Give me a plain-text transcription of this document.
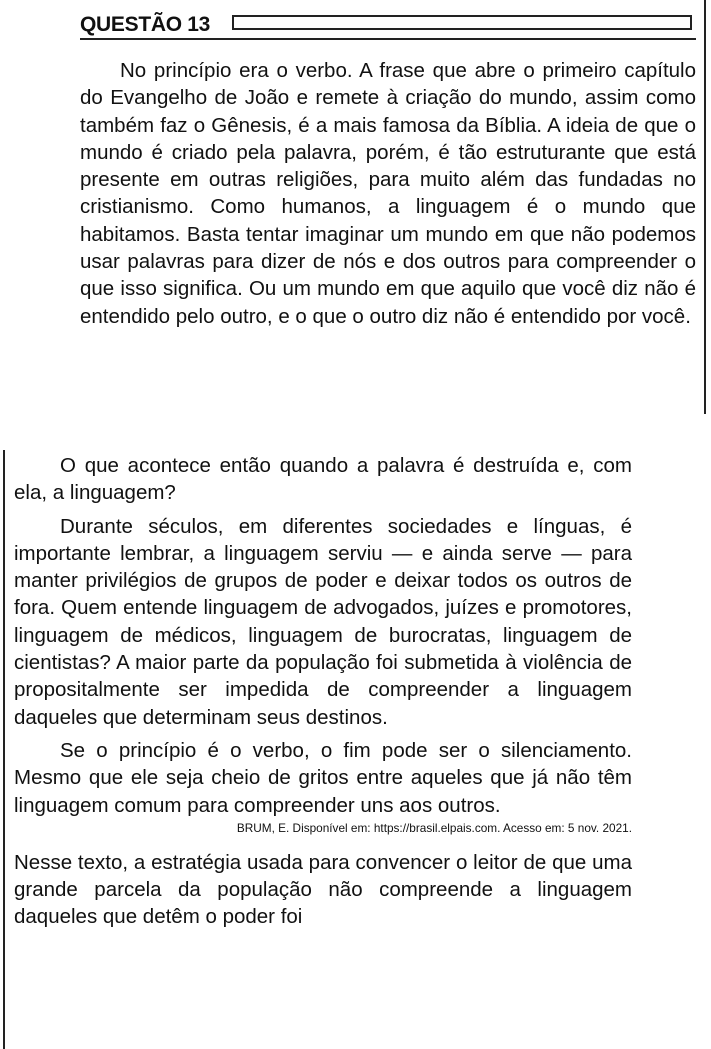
QUESTÃO 13

No princípio era o verbo. A frase que abre o primeiro capítulo do Evangelho de João e remete à criação do mundo, assim como também faz o Gênesis, é a mais famosa da Bíblia. A ideia de que o mundo é criado pela palavra, porém, é tão estruturante que está presente em outras religiões, para muito além das fundadas no cristianismo. Como humanos, a linguagem é o mundo que habitamos. Basta tentar imaginar um mundo em que não podemos usar palavras para dizer de nós e dos outros para compreender o que isso significa. Ou um mundo em que aquilo que você diz não é entendido pelo outro, e o que o outro diz não é entendido por você.

O que acontece então quando a palavra é destruída e, com ela, a linguagem?

Durante séculos, em diferentes sociedades e línguas, é importante lembrar, a linguagem serviu — e ainda serve — para manter privilégios de grupos de poder e deixar todos os outros de fora. Quem entende linguagem de advogados, juízes e promotores, linguagem de médicos, linguagem de burocratas, linguagem de cientistas? A maior parte da população foi submetida à violência de propositalmente ser impedida de compreender a linguagem daqueles que determinam seus destinos.

Se o princípio é o verbo, o fim pode ser o silenciamento. Mesmo que ele seja cheio de gritos entre aqueles que já não têm linguagem comum para compreender uns aos outros.

BRUM, E. Disponível em: https://brasil.elpais.com. Acesso em: 5 nov. 2021.

Nesse texto, a estratégia usada para convencer o leitor de que uma grande parcela da população não compreende a linguagem daqueles que detêm o poder foi
